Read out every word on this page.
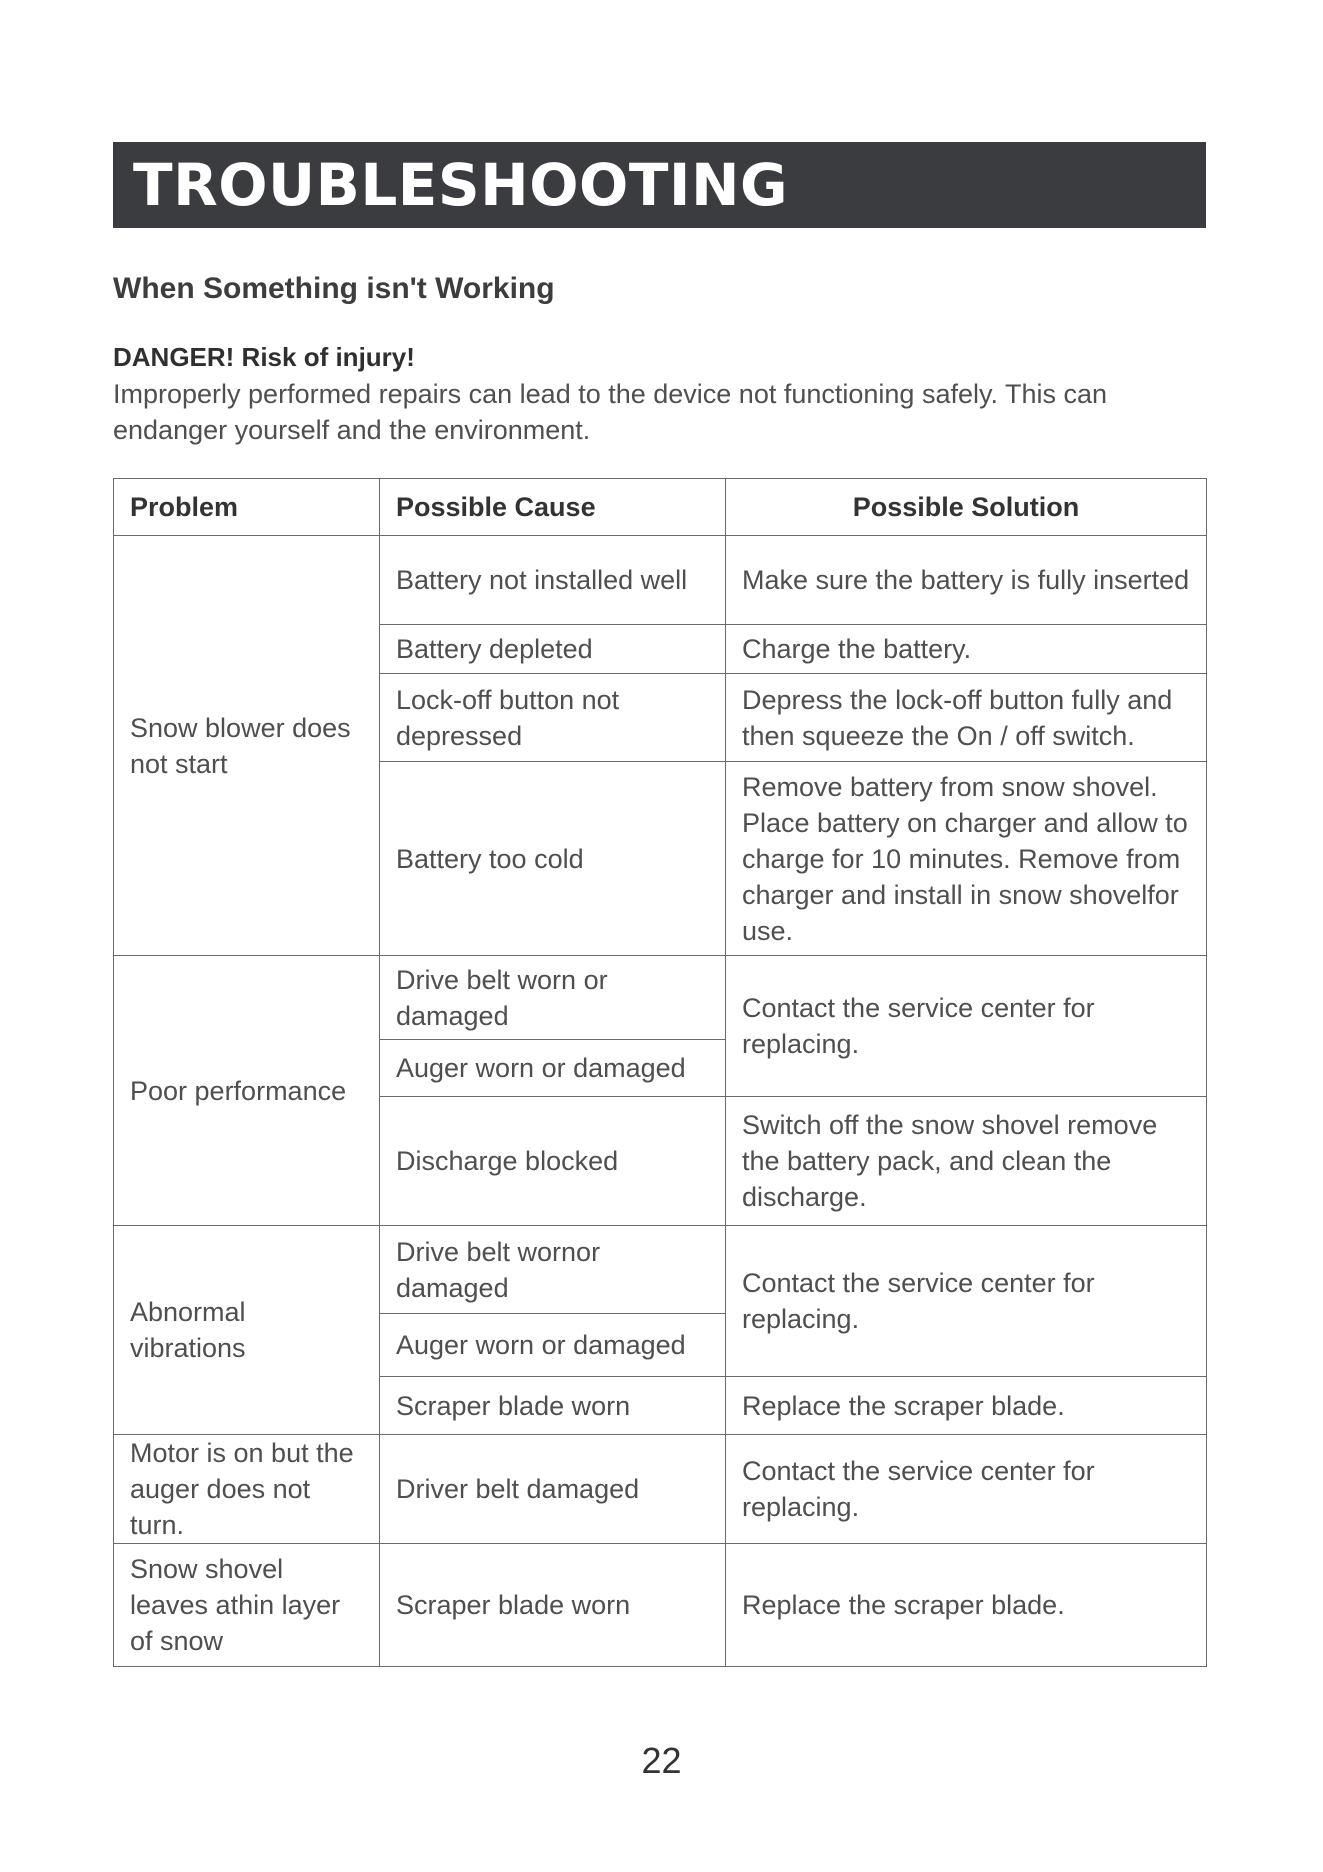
TROUBLESHOOTING
When Something isn't Working

DANGER! Risk of injury!

Improperly performed repairs can lead to the device not functioning safely. This can endanger yourself and the environment.

Problem	Possible Cause	Possible Solution
Snow blower does not start	Battery not installed well	Make sure the battery is fully inserted
	Battery depleted	Charge the battery.
	Lock-off button not depressed	Depress the lock-off button fully and then squeeze the On / off switch.
	Battery too cold	Remove battery from snow shovel. Place battery on charger and allow to charge for 10 minutes. Remove from charger and install in snow shovelfor use.
Poor performance	Drive belt worn or damaged	Contact the service center for replacing.
	Auger worn or damaged	
	Discharge blocked	Switch off the snow shovel remove the battery pack, and clean the discharge.
Abnormal vibrations	Drive belt wornor damaged	Contact the service center for replacing.
	Auger worn or damaged	
	Scraper blade worn	Replace the scraper blade.
Motor is on but the auger does not turn.	Driver belt damaged	Contact the service center for replacing.
Snow shovel leaves athin layer of snow	Scraper blade worn	Replace the scraper blade.
22
